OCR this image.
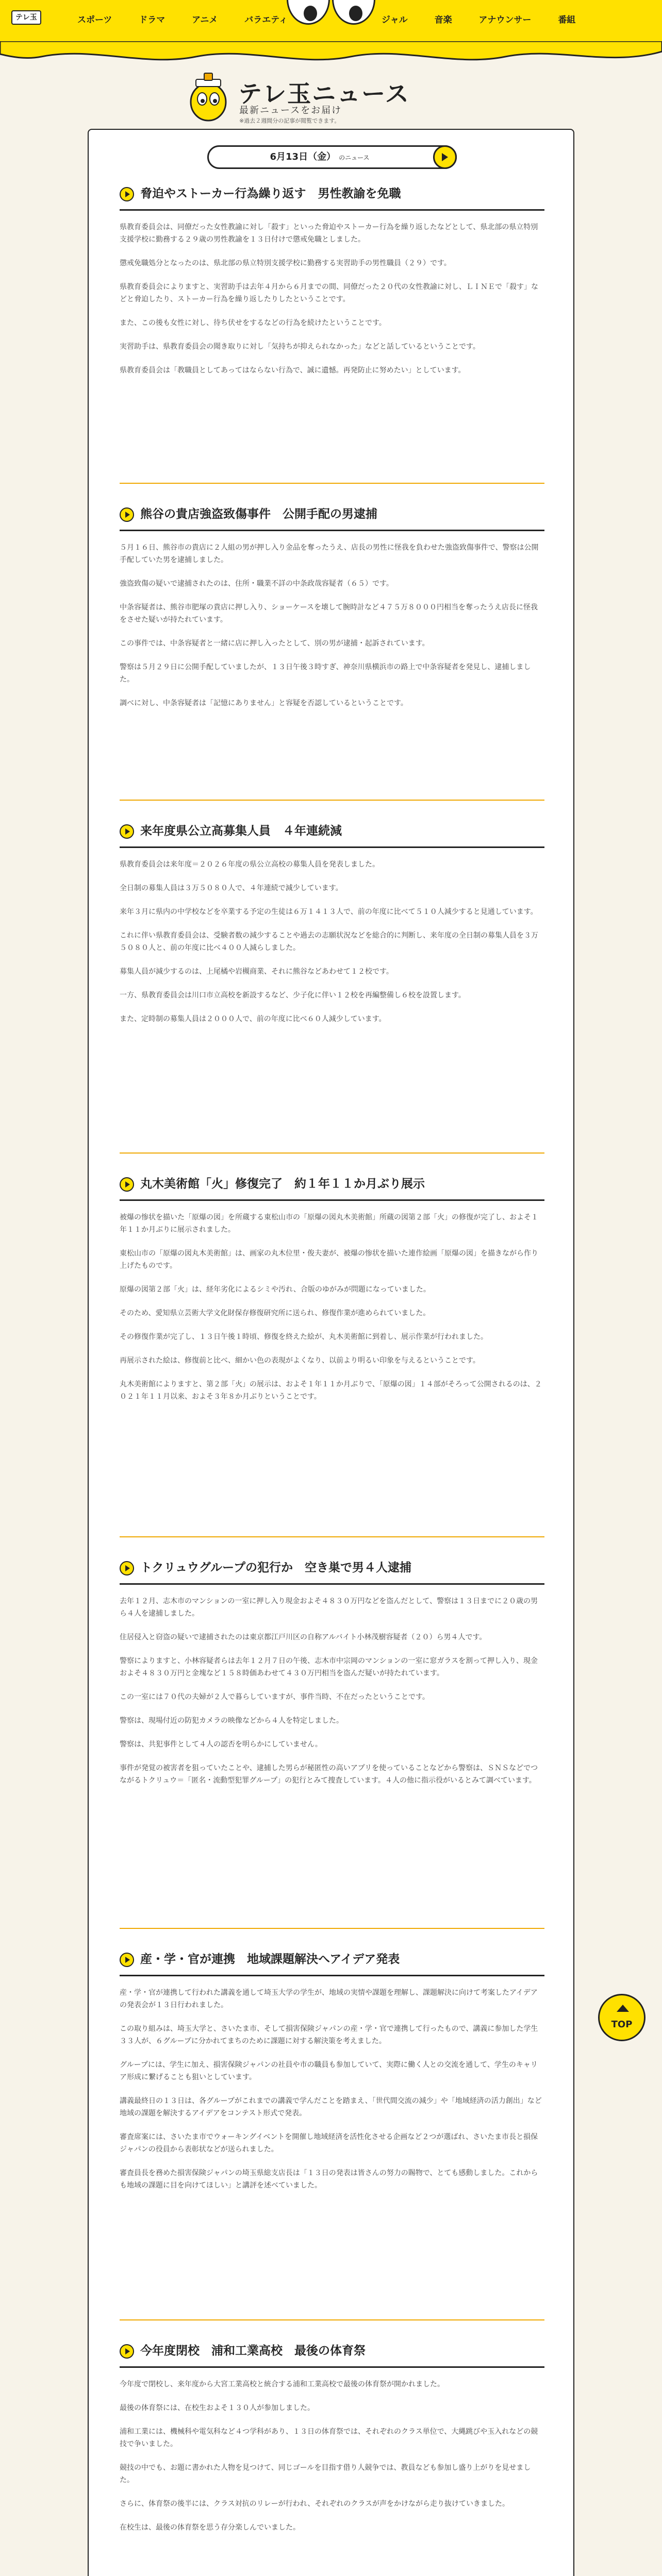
テレ玉	スポーツ	ドラマ	アニメ	バラエティ	ジャル	音楽	アナウンサー	番組
テレ玉ニュース
最新ニュースをお届け
※過去２週間分の記事が閲覧できます。
6月13日（金） のニュース
脅迫やストーカー行為繰り返す　男性教諭を免職

県教育委員会は、同僚だった女性教諭に対し「殺す」といった脅迫やストーカー行為を繰り返したなどとして、県北部の県立特別支援学校に勤務する２９歳の男性教諭を１３日付けで懲戒免職としました。

懲戒免職処分となったのは、県北部の県立特別支援学校に勤務する実習助手の男性職員（２９）です。

県教育委員会によりますと、実習助手は去年４月から６月までの間、同僚だった２０代の女性教諭に対し、ＬＩＮＥで「殺す」などと脅迫したり、ストーカー行為を繰り返したりしたということです。

また、この後も女性に対し、待ち伏せをするなどの行為を続けたということです。

実習助手は、県教育委員会の聞き取りに対し「気持ちが抑えられなかった」などと話しているということです。

県教育委員会は「教職員としてあってはならない行為で、誠に遺憾。再発防止に努めたい」としています。

熊谷の貴店強盗致傷事件　公開手配の男逮捕

５月１６日、熊谷市の貴店に２人組の男が押し入り金品を奪ったうえ、店長の男性に怪我を負わせた強盗致傷事件で、警察は公開手配していた男を逮捕しました。

強盗致傷の疑いで逮捕されたのは、住所・職業不詳の中条政哉容疑者（６５）です。

中条容疑者は、熊谷市肥塚の貴店に押し入り、ショーケースを壊して腕時計など４７５万８０００円相当を奪ったうえ店長に怪我をさせた疑いが持たれています。

この事件では、中条容疑者と一緒に店に押し入ったとして、別の男が逮捕・起訴されています。

警察は５月２９日に公開手配していましたが、１３日午後３時すぎ、神奈川県横浜市の路上で中条容疑者を発見し、逮捕しました。

調べに対し、中条容疑者は「記憶にありません」と容疑を否認しているということです。

来年度県公立高募集人員　４年連続減

県教育委員会は来年度＝２０２６年度の県公立高校の募集人員を発表しました。

全日制の募集人員は３万５０８０人で、４年連続で減少しています。

来年３月に県内の中学校などを卒業する予定の生徒は６万１４１３人で、前の年度に比べて５１０人減少すると見通しています。

これに伴い県教育委員会は、受験者数の減少することや過去の志願状況などを総合的に判断し、来年度の全日制の募集人員を３万５０８０人と、前の年度に比べ４００人減らしました。

募集人員が減少するのは、上尾橘や岩槻商業、それに熊谷などあわせて１２校です。

一方、県教育委員会は川口市立高校を新設するなど、少子化に伴い１２校を再編整備し６校を設置します。

また、定時制の募集人員は２０００人で、前の年度に比べ６０人減少しています。

丸木美術館「火」修復完了　約１年１１か月ぶり展示

被爆の惨状を描いた「原爆の図」を所蔵する東松山市の「原爆の図丸木美術館」所蔵の図第２部「火」の修復が完了し、およそ１年１１か月ぶりに展示されました。

東松山市の「原爆の図丸木美術館」は、画家の丸木位里・俊夫妻が、被爆の惨状を描いた連作絵画「原爆の図」を描きながら作り上げたものです。

原爆の図第２部「火」は、経年劣化によるシミや汚れ、合版のゆがみが問題になっていました。

そのため、愛知県立芸術大学文化財保存修復研究所に送られ、修復作業が進められていました。

その修復作業が完了し、１３日午後１時頃、修復を終えた絵が、丸木美術館に到着し、展示作業が行われました。

再展示された絵は、修復前と比べ、細かい色の表現がよくなり、以前より明るい印象を与えるということです。

丸木美術館によりますと、第２部「火」の展示は、およそ１年１１か月ぶりで、「原爆の図」１４部がそろって公開されるのは、２０２１年１１月以来、およそ３年８か月ぶりということです。

トクリュウグループの犯行か　空き巣で男４人逮捕

去年１２月、志木市のマンションの一室に押し入り現金およそ４８３０万円などを盗んだとして、警察は１３日までに２０歳の男ら４人を逮捕しました。

住居侵入と窃盗の疑いで逮捕されたのは東京都江戸川区の自称アルバイト小林茂樹容疑者（２０）ら男４人です。

警察によりますと、小林容疑者らは去年１２月７日の午後、志木市中宗岡のマンションの一室に窓ガラスを割って押し入り、現金およそ４８３０万円と金塊など１５８時価あわせて４３０万円相当を盗んだ疑いが持たれています。

この一室には７０代の夫婦が２人で暮らしていますが、事件当時、不在だったということです。

警察は、現場付近の防犯カメラの映像などから４人を特定しました。

警察は、共犯事件として４人の認否を明らかにしていません。

事件が発覚の被害者を狙っていたことや、逮捕した男らが秘匿性の高いアプリを使っていることなどから警察は、ＳＮＳなどでつながるトクリュウ＝「匿名・流動型犯罪グループ」の犯行とみて捜査しています。４人の他に指示役がいるとみて調べています。

産・学・官が連携　地域課題解決へアイデア発表

産・学・官が連携して行われた講義を通して埼玉大学の学生が、地域の実情や課題を理解し、課題解決に向けて考案したアイデアの発表会が１３日行われました。

この取り組みは、埼玉大学と、さいたま市、そして損害保険ジャパンの産・学・官で連携して行ったもので、講義に参加した学生３３人が、６グループに分かれてまちのために課題に対する解決策を考えました。

グループには、学生に加え、損害保険ジャパンの社員や市の職員も参加していて、実際に働く人との交流を通して、学生のキャリア形成に繋げることも狙いとしています。

講義最終日の１３日は、各グループがこれまでの講義で学んだことを踏まえ、「世代間交流の減少」や「地域経済の活力創出」など地域の課題を解決するアイデアをコンテスト形式で発表。

審査席案には、さいたま市でウォーキングイベントを開催し地域経済を活性化させる企画など２つが選ばれ、さいたま市長と損保ジャパンの役員から表彰状などが送られました。

審査員長を務めた損害保険ジャパンの埼玉県総支店長は「１３日の発表は皆さんの努力の賜物で、とても感動しました。これからも地域の課題に目を向けてほしい」と講評を述べていました。

今年度閉校　浦和工業高校　最後の体育祭

今年度で閉校し、来年度から大宮工業高校と統合する浦和工業高校で最後の体育祭が開かれました。

最後の体育祭には、在校生およそ１３０人が参加しました。

浦和工業には、機械科や電気科など４つ学科があり、１３日の体育祭では、それぞれのクラス単位で、大縄跳びや玉入れなどの競技で争いました。

競技の中でも、お題に書かれた人物を見つけて、同じゴールを目指す借り人競争では、教員なども参加し盛り上がりを見せました。

さらに、体育祭の後半には、クラス対抗のリレーが行われ、それぞれのクラスが声をかけながら走り抜けていきました。

在校生は、最後の体育祭を思う存分楽しんでいました。

TOP
